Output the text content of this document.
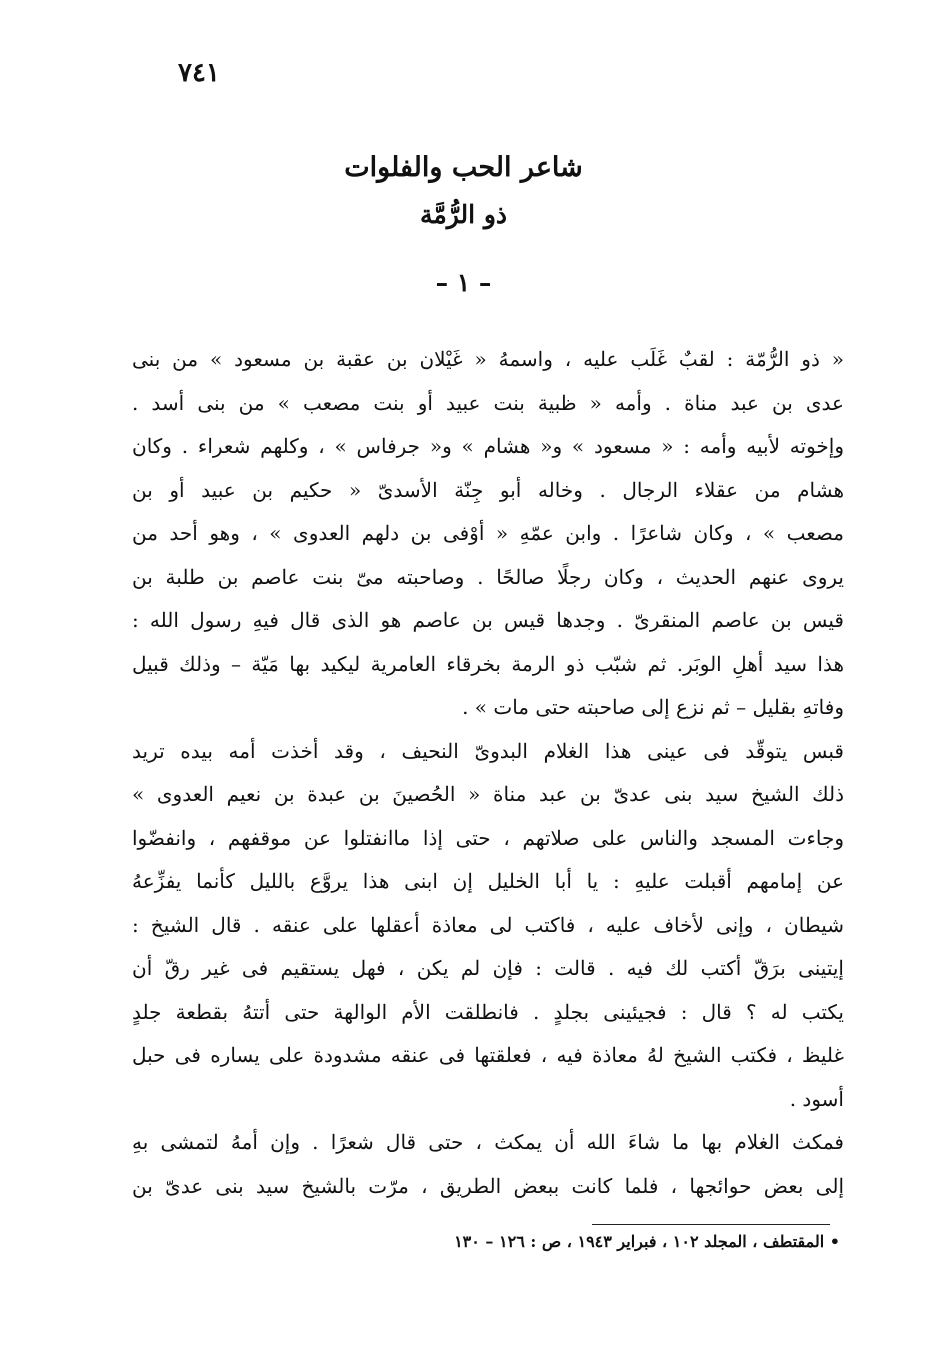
٧٤١
شاعر الحب والفلوات
ذو الرُّمَّة
– ١ –
« ذو الرُّمّة : لقبٌ غَلَب عليه ، واسمهُ « غَيْلان بن عقبة بن مسعود » من بنى
عدى بن عبد مناة . وأمه « ظبية بنت عبيد أو بنت مصعب » من بنى أسد .
وإخوته لأبيه وأمه : « مسعود » و« هشام » و« جرفاس » ، وكلهم شعراء . وكان
هشام من عقلاء الرجال . وخاله أبو جِنّة الأسدىّ « حكيم بن عبيد أو بن
مصعب » ، وكان شاعرًا . وابن عمّهِ « أوْفى بن دلهم العدوى » ، وهو أحد من
يروى عنهم الحديث ، وكان رجلًا صالحًا . وصاحبته مىّ بنت عاصم بن طلبة بن
قيس بن عاصم المنقرىّ . وجدها قيس بن عاصم هو الذى قال فيهِ رسول الله :
هذا سيد أهلِ الوبَر. ثم شبّب ذو الرمة بخرقاء العامرية ليكيد بها مَيّة – وذلك قبيل
وفاتهِ بقليل – ثم نزع إلى صاحبته حتى مات » .
قبس يتوقّد فى عينى هذا الغلام البدوىّ النحيف ، وقد أخذت أمه بيده تريد
ذلك الشيخ سيد بنى عدىّ بن عبد مناة « الحُصينَ بن عبدة بن نعيم العدوى »
وجاءت المسجد والناس على صلاتهم ، حتى إذا ماانفتلوا عن موقفهم ، وانفضّوا
عن إمامهم أقبلت عليهِ : يا أبا الخليل إن ابنى هذا يروَّع بالليل كأنما يفزِّعهُ
شيطان ، وإنى لأخاف عليه ، فاكتب لى معاذة أعقلها على عنقه . قال الشيخ :
إيتينى برَقّ أكتب لك فيه . قالت : فإن لم يكن ، فهل يستقيم فى غير رقّ أن
يكتب له ؟ قال : فجيئينى بجلدٍ . فانطلقت الأم الوالهة حتى أتتهُ بقطعة جلدٍ
غليظ ، فكتب الشيخ لهُ معاذة فيه ، فعلقتها فى عنقه مشدودة على يساره فى حبل
أسود .
فمكث الغلام بها ما شاءَ الله أن يمكث ، حتى قال شعرًا . وإن أمهُ لتمشى بهِ
إلى بعض حوائجها ، فلما كانت ببعض الطريق ، مرّت بالشيخ سيد بنى عدىّ بن
• المقتطف ، المجلد ١٠٢ ، فبراير ١٩٤٣ ، ص : ١٢٦ – ١٣٠
